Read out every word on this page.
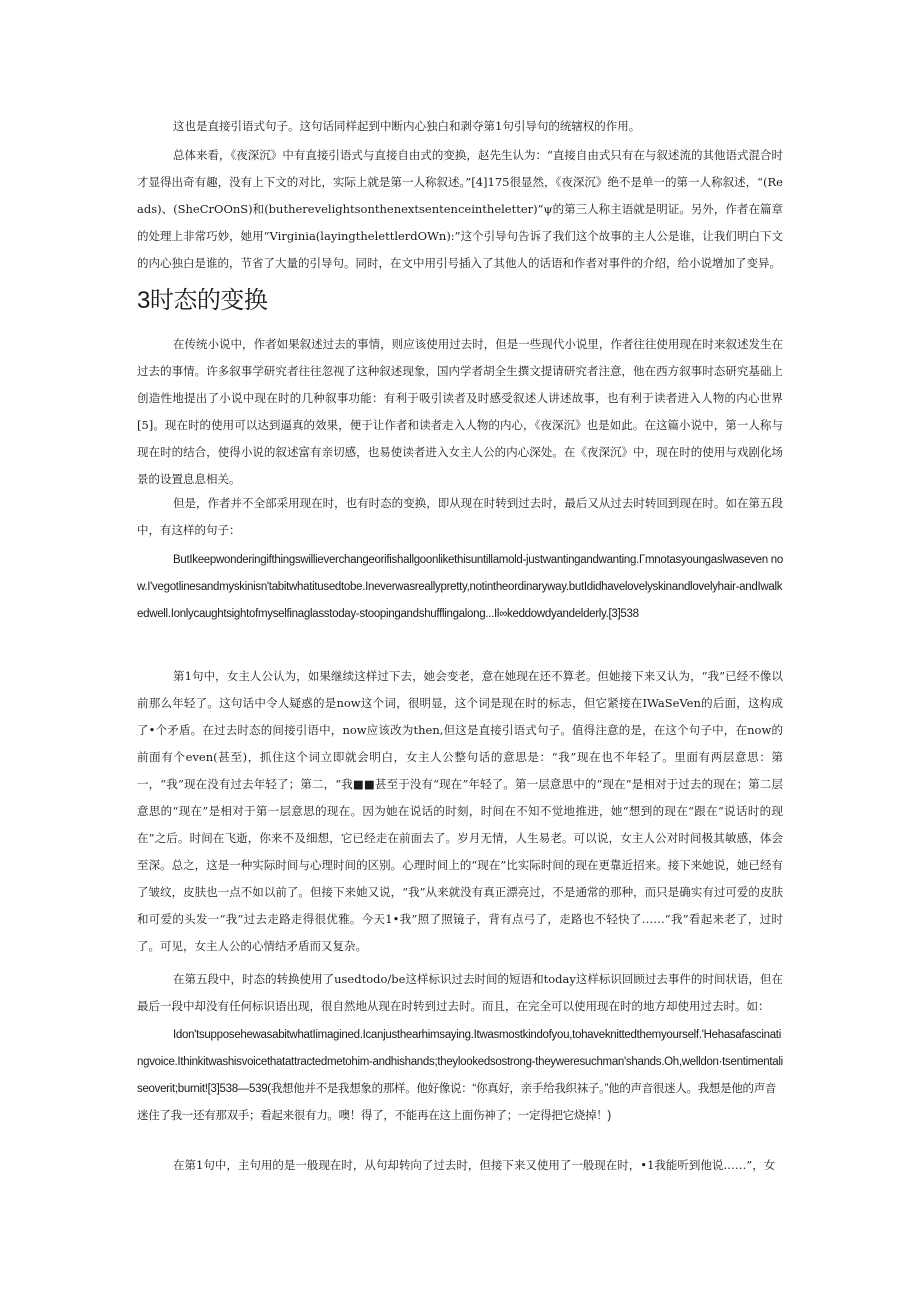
这也是直接引语式句子。这句话同样起到中断内心独白和剥夺第1句引导句的统辖权的作用。

总体来看，《夜深沉》中有直接引语式与直接自由式的变换，赵先生认为：“直接自由式只有在与叙述流的其他语式混合时才显得出奇有趣，没有上下文的对比，实际上就是第一人称叙述。”[4]175很显然，《夜深沉》绝不是单一的第一人称叙述，“(Reads)、(SheCrOOnS)和(butherevelightsonthenextsentenceintheletter)”ψ的第三人称主语就是明证。另外，作者在篇章的处理上非常巧妙，她用“Virginia(layingthelettlerdOWn):”这个引导句告诉了我们这个故事的主人公是谁，让我们明白下文的内心独白是谁的，节省了大量的引导句。同时，在文中用引号插入了其他人的话语和作者对事件的介绍，给小说增加了变异。

3时态的变换

在传统小说中，作者如果叙述过去的事情，则应该使用过去时，但是一些现代小说里，作者往往使用现在时来叙述发生在过去的事情。许多叙事学研究者往往忽视了这种叙述现象，国内学者胡全生撰文提请研究者注意，他在西方叙事时态研究基础上创造性地提出了小说中现在时的几种叙事功能：有利于吸引读者及时感受叙述人讲述故事，也有利于读者进入人物的内心世界[5]。现在时的使用可以达到逼真的效果，便于让作者和读者走入人物的内心，《夜深沉》也是如此。在这篇小说中，第一人称与现在时的结合，使得小说的叙述富有亲切感，也易使读者进入女主人公的内心深处。在《夜深沉》中，现在时的使用与戏剧化场景的设置息息相关。

但是，作者并不全部采用现在时，也有时态的变换，即从现在时转到过去时，最后又从过去时转回到现在时。如在第五段中，有这样的句子：

ButIkeepwonderingifthingswillieverchangeorifishallgoonlikethisuntillamold-justwantingandwanting.Γmnotasyoungaslwaseven now.I'vegotlinesandmyskinisn'tabitwhatitusedtobe.Ineverwasreallypretty,notintheordinaryway.butIdidhavelovelyskinandlovelyhair-andIwalkedwell.Ionlycaughtsightofmyselfinaglasstoday-stoopingandshufflingalong...Il∞keddowdyandelderly.[3]538

第1句中，女主人公认为，如果继续这样过下去，她会变老，意在她现在还不算老。但她接下来又认为，“我”已经不像以前那么年轻了。这句话中令人疑惑的是now这个词，很明显，这个词是现在时的标志，但它紧接在IWaSeVen的后面，这构成了•个矛盾。在过去时态的间接引语中，now应该改为then,但这是直接引语式句子。值得注意的是，在这个句子中，在now的前面有个even(甚至)，抓住这个词立即就会明白，女主人公整句话的意思是：“我”现在也不年轻了。里面有两层意思：第一，“我”现在没有过去年轻了；第二，“我■■甚至于没有“现在”年轻了。第一层意思中的“现在”是相对于过去的现在；第二层意思的“现在”是相对于第一层意思的现在。因为她在说话的时刻，时间在不知不觉地推进，她“想到的现在“跟在“说话时的现在”之后。时间在飞逝，你来不及细想，它已经走在前面去了。岁月无情，人生易老。可以说，女主人公对时间极其敏感，体会至深。总之，这是一种实际时间与心理时间的区别。心理时间上的“现在”比实际时间的现在更靠近招来。接下来她说，她已经有了皱纹，皮肤也一点不如以前了。但接下来她又说，“我”从来就没有真正漂亮过，不是通常的那种，而只是确实有过可爱的皮肤和可爱的头发一“我”过去走路走得很优雅。今天1•我”照了照镜子，背有点弓了，走路也不轻快了……“我”看起来老了，过时了。可见，女主人公的心情结矛盾而又复杂。

在第五段中，时态的转换使用了usedtodo/be这样标识过去时间的短语和today这样标识回顾过去事件的时间状语，但在最后一段中却没有任何标识语出现，很自然地从现在时转到过去时。而且，在完全可以使用现在时的地方却使用过去时。如：

Idon'tsupposehewasabitwhatIimagined.Icanjusthearhimsaying.Itwasmostkindofyou,tohaveknittedthemyourself.'Hehasafascinatingvoice.Ithinkitwashisvoicethatattractedmetohim-andhishands;theylookedsostrong-theyweresuchman'shands.Oh,welldon·tsentimentaliseoverit;burnit![3]538—539(我想他并不是我想象的那样。他好像说：“你真好，亲手给我织袜子。”他的声音很迷人。我想是他的声音迷住了我一还有那双手；看起来很有力。噢！得了，不能再在这上面伤神了；一定得把它烧掉！)

在第1句中，主句用的是一般现在时，从句却转向了过去时，但接下来又使用了一般现在时，•1我能听到他说……”，女
